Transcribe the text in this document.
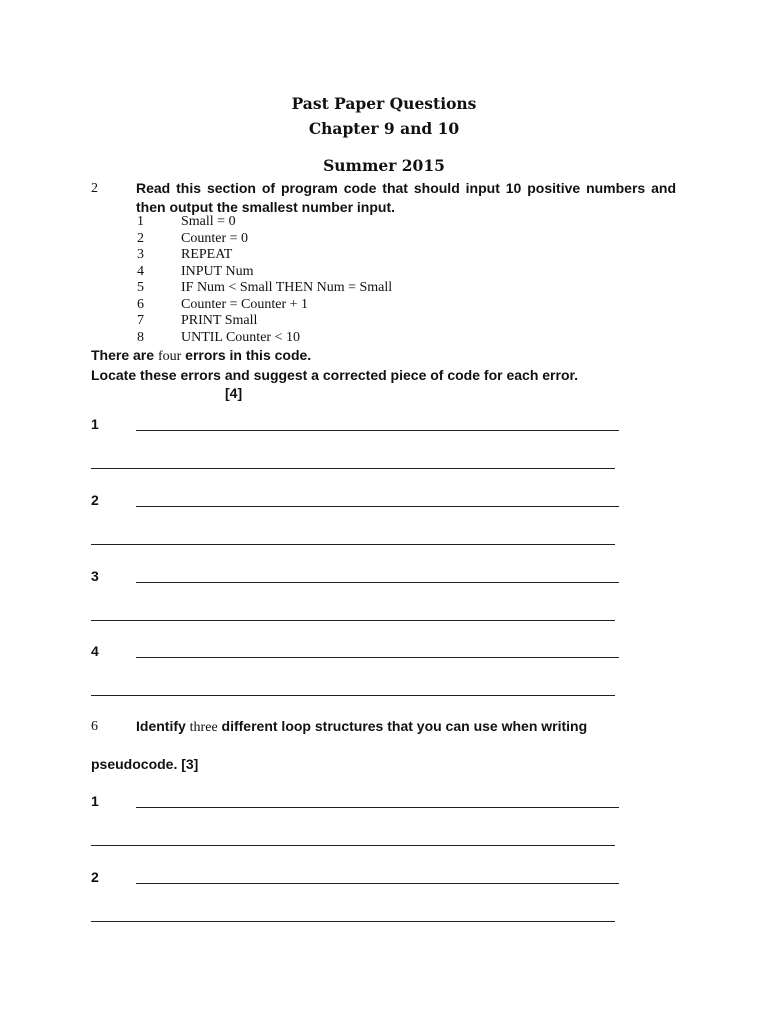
Past Paper Questions
Chapter 9 and 10
Summer 2015
2	Read this section of program code that should input 10 positive numbers and then output the smallest number input.
1	Small = 0
2	Counter = 0
3	REPEAT
4	INPUT Num
5	IF Num < Small THEN Num = Small
6	Counter = Counter + 1
7	PRINT Small
8	UNTIL Counter < 10
There are four errors in this code.
Locate these errors and suggest a corrected piece of code for each error.
[4]
1
2
3
4
6	Identify three different loop structures that you can use when writing
pseudocode. [3]
1
2
